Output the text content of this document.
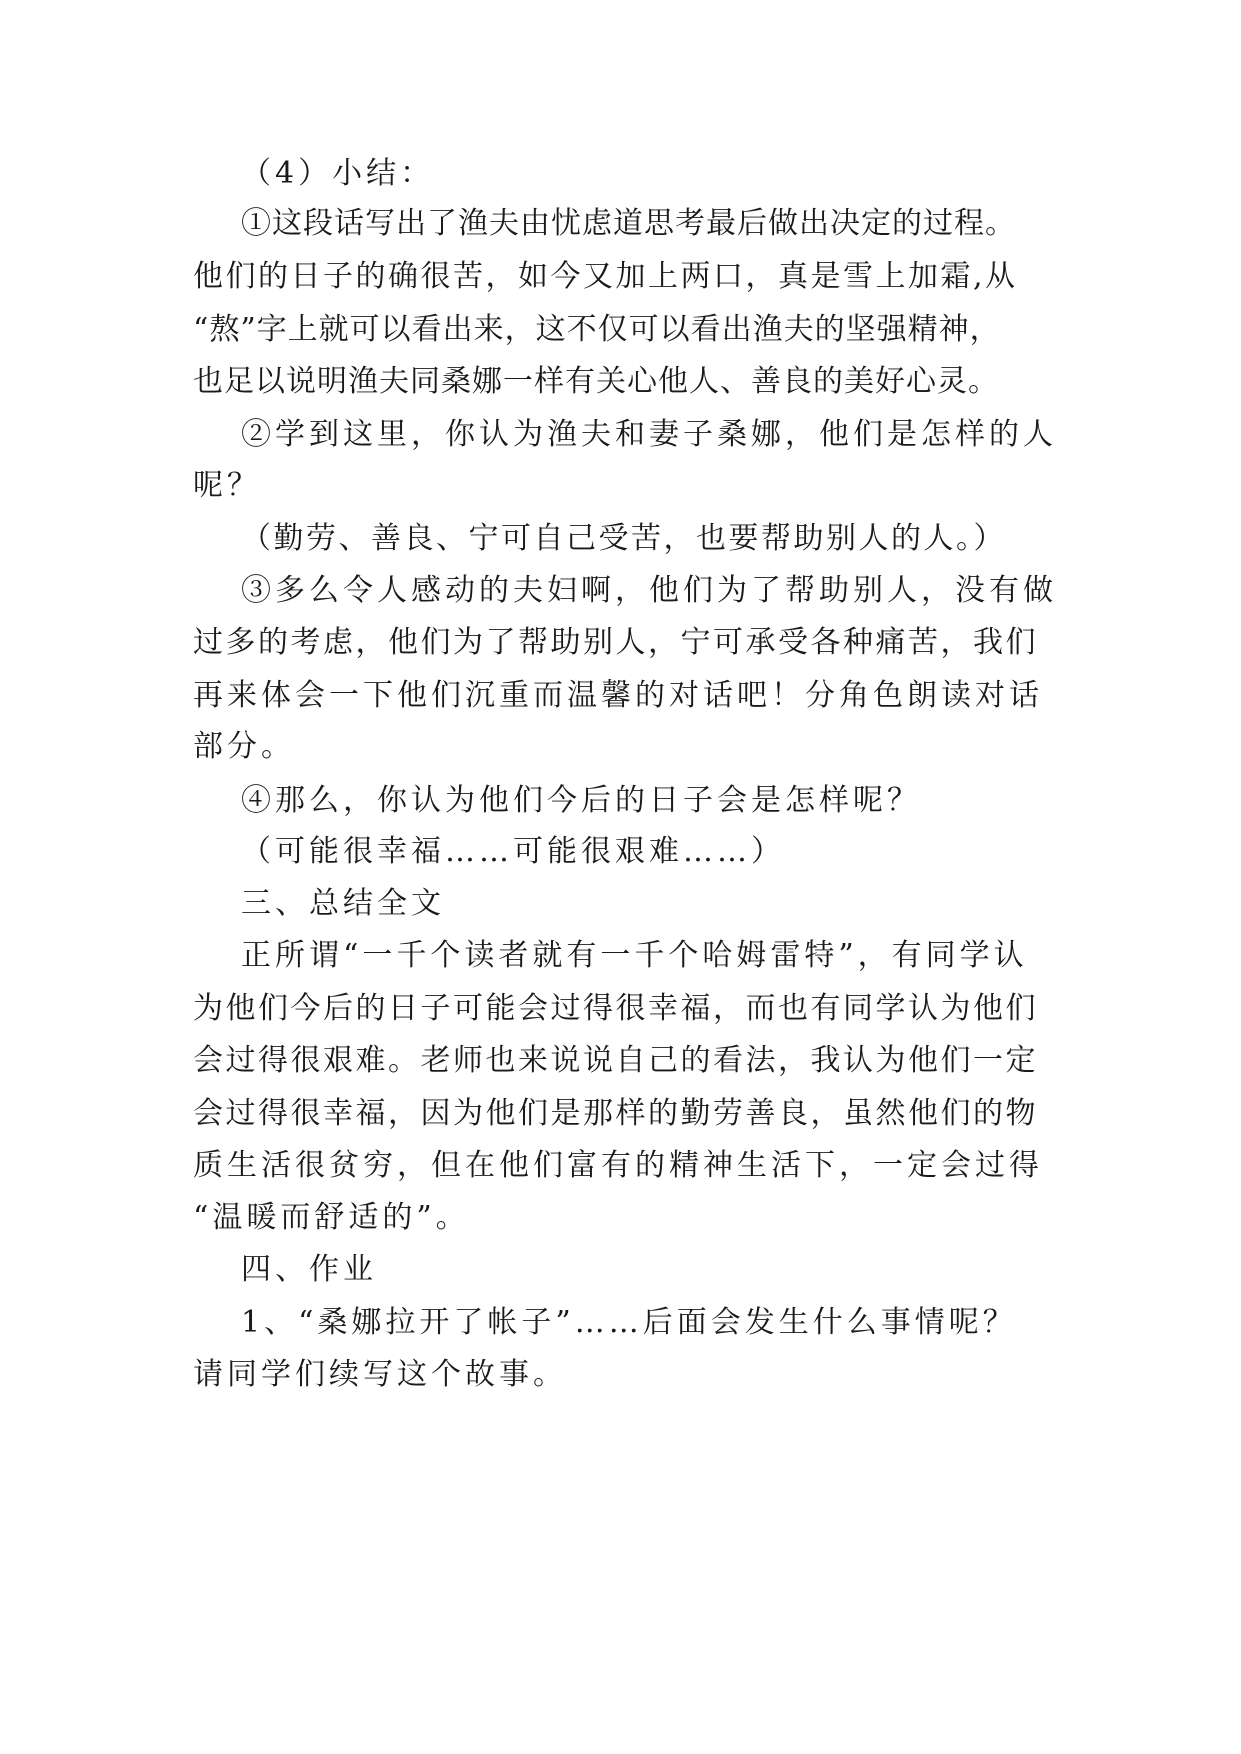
（4）小结：
①这段话写出了渔夫由忧虑道思考最后做出决定的过程。
他们的日子的确很苦，如今又加上两口，真是雪上加霜,从
“熬”字上就可以看出来，这不仅可以看出渔夫的坚强精神，
也足以说明渔夫同桑娜一样有关心他人、善良的美好心灵。
②学到这里，你认为渔夫和妻子桑娜，他们是怎样的人
呢？
（勤劳、善良、宁可自己受苦，也要帮助别人的人。）
③多么令人感动的夫妇啊，他们为了帮助别人，没有做
过多的考虑，他们为了帮助别人，宁可承受各种痛苦，我们
再来体会一下他们沉重而温馨的对话吧！分角色朗读对话
部分。
④那么，你认为他们今后的日子会是怎样呢？
（可能很幸福……可能很艰难……）
三、总结全文
正所谓“一千个读者就有一千个哈姆雷特”，有同学认
为他们今后的日子可能会过得很幸福，而也有同学认为他们
会过得很艰难。老师也来说说自己的看法，我认为他们一定
会过得很幸福，因为他们是那样的勤劳善良，虽然他们的物
质生活很贫穷，但在他们富有的精神生活下，一定会过得
“温暖而舒适的”。
四、作业
1、“桑娜拉开了帐子”……后面会发生什么事情呢？
请同学们续写这个故事。
